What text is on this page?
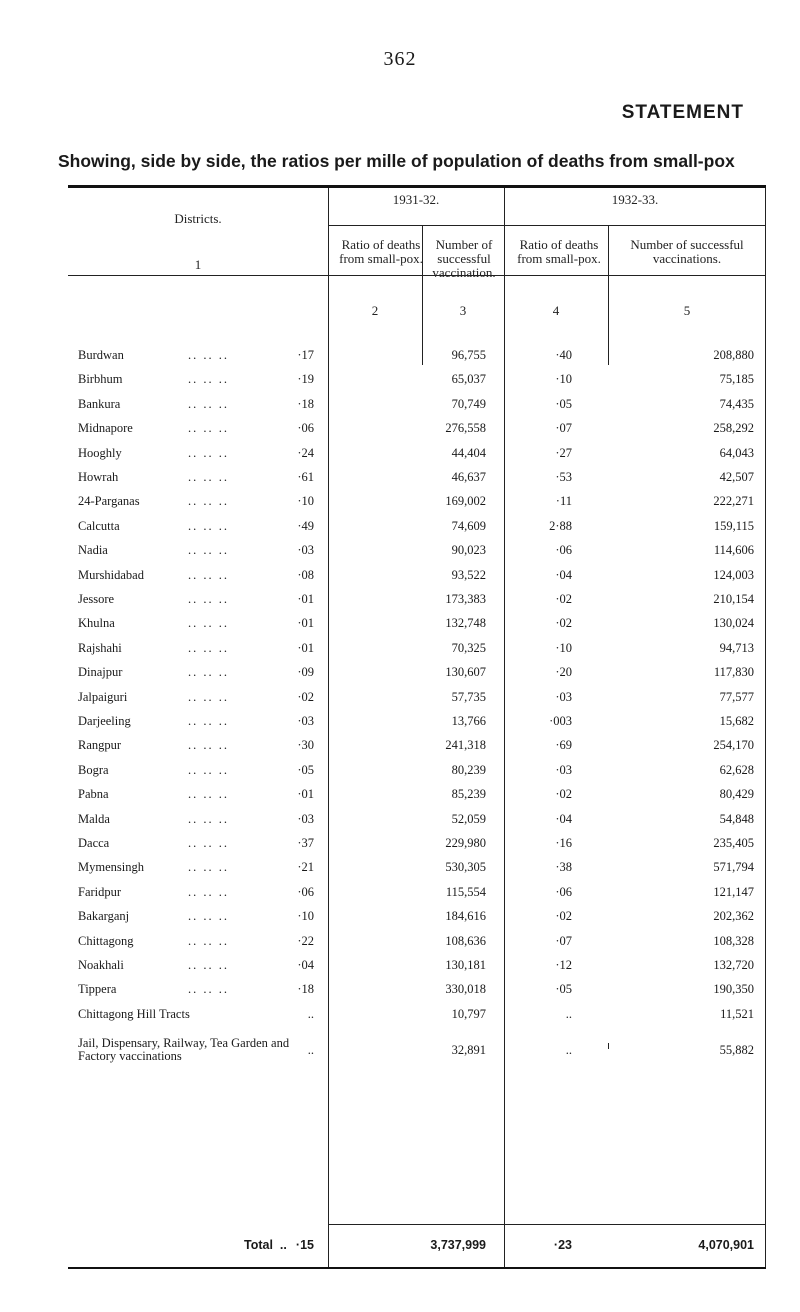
362
STATEMENT
Showing, side by side, the ratios per mille of population of deaths from small-pox
Districts.
1
1931-32.	1932-33.
Ratio of deaths from small-pox.
Number of successful vaccination.
Ratio of deaths from small-pox.
Number of successful vaccinations.
2	3	4	5
Burdwan	.. .. ..	·17	96,755	·40	208,880
Birbhum	.. .. ..	·19	65,037	·10	75,185
Bankura	.. .. ..	·18	70,749	·05	74,435
Midnapore	.. .. ..	·06	276,558	·07	258,292
Hooghly	.. .. ..	·24	44,404	·27	64,043
Howrah	.. .. ..	·61	46,637	·53	42,507
24-Parganas	.. .. ..	·10	169,002	·11	222,271
Calcutta	.. .. ..	·49	74,609	2·88	159,115
Nadia	.. .. ..	·03	90,023	·06	114,606
Murshidabad	.. .. ..	·08	93,522	·04	124,003
Jessore	.. .. ..	·01	173,383	·02	210,154
Khulna	.. .. ..	·01	132,748	·02	130,024
Rajshahi	.. .. ..	·01	70,325	·10	94,713
Dinajpur	.. .. ..	·09	130,607	·20	117,830
Jalpaiguri	.. .. ..	·02	57,735	·03	77,577
Darjeeling	.. .. ..	·03	13,766	·003	15,682
Rangpur	.. .. ..	·30	241,318	·69	254,170
Bogra	.. .. ..	·05	80,239	·03	62,628
Pabna	.. .. ..	·01	85,239	·02	80,429
Malda	.. .. ..	·03	52,059	·04	54,848
Dacca	.. .. ..	·37	229,980	·16	235,405
Mymensingh	.. .. ..	·21	530,305	·38	571,794
Faridpur	.. .. ..	·06	115,554	·06	121,147
Bakarganj	.. .. ..	·10	184,616	·02	202,362
Chittagong	.. .. ..	·22	108,636	·07	108,328
Noakhali	.. .. ..	·04	130,181	·12	132,720
Tippera	.. .. ..	·18	330,018	·05	190,350
Chittagong Hill Tracts	..	10,797	..	11,521
Jail, Dispensary, Railway, Tea Garden and Factory vaccinations	..	32,891	..	55,882
Total .. ·15	3,737,999	·23	4,070,901
